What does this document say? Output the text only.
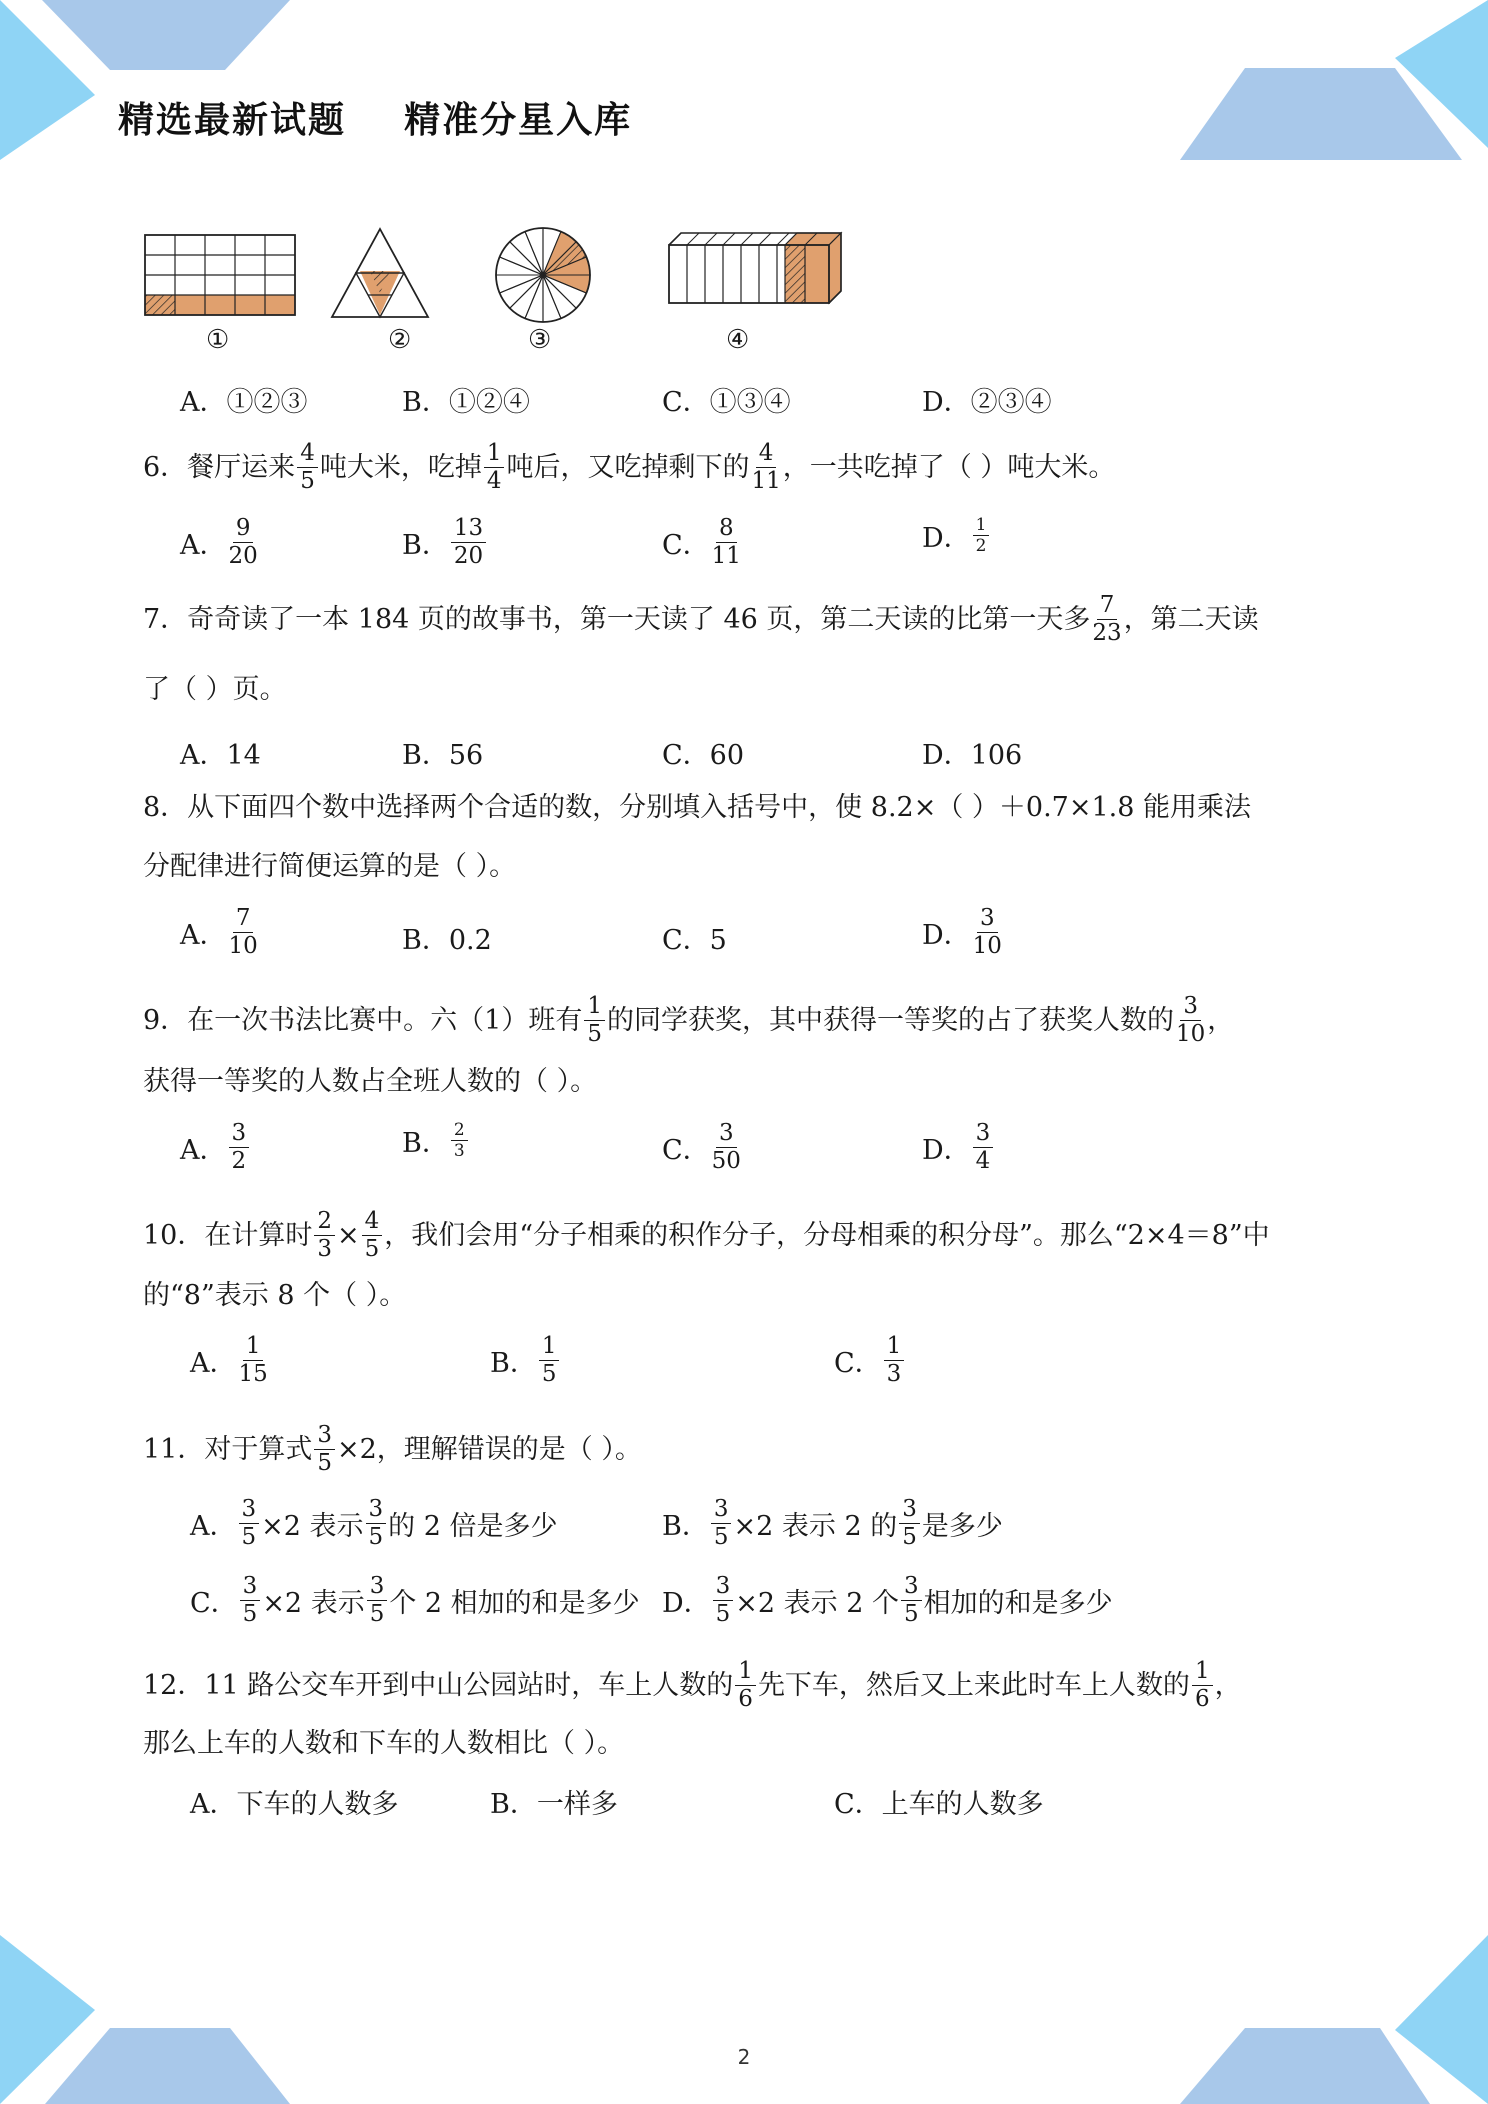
精选最新试题    精准分星入库
①	②	③	④
A．①②③	B．①②④	C．①③④	D．②③④
6．餐厅运来 $\frac{4}{5}$ 吨大米，吃掉 $\frac{1}{4}$ 吨后，又吃掉剩下的 $\frac{4}{11}$ ，一共吃掉了（ ）吨大米。
A． $\frac{9}{20}$	B． $\frac{13}{20}$	C． $\frac{8}{11}$	D． $\frac{1}{2}$
7．奇奇读了一本 184 页的故事书，第一天读了 46 页，第二天读的比第一天多 $\frac{7}{23}$ ，第二天读
了（ ）页。
A．14	B．56	C．60	D．106
8．从下面四个数中选择两个合适的数，分别填入括号中，使 8.2×（ ）＋0.7×1.8 能用乘法
分配律进行简便运算的是（ ）。
A． $\frac{7}{10}$	B．0.2	C．5	D． $\frac{3}{10}$
9．在一次书法比赛中。六（1）班有 $\frac{1}{5}$ 的同学获奖，其中获得一等奖的占了获奖人数的 $\frac{3}{10}$ ，
获得一等奖的人数占全班人数的（ ）。
A． $\frac{3}{2}$	B． $\frac{2}{3}$	C． $\frac{3}{50}$	D． $\frac{3}{4}$
10．在计算时 $\frac{2}{3} \times \frac{4}{5}$ ，我们会用“分子相乘的积作分子，分母相乘的积分母”。那么“2×4＝8”中
的“8”表示 8 个（ ）。
A． $\frac{1}{15}$	B． $\frac{1}{5}$	C． $\frac{1}{3}$
11．对于算式 $\frac{3}{5} \times 2$，理解错误的是（ ）。
A． $\frac{3}{5} \times 2$ 表示 $\frac{3}{5}$ 的 2 倍是多少	B． $\frac{3}{5} \times 2$ 表示 2 的 $\frac{3}{5}$ 是多少
C． $\frac{3}{5} \times 2$ 表示 $\frac{3}{5}$ 个 2 相加的和是多少 D． $\frac{3}{5} \times 2$ 表示 2 个 $\frac{3}{5}$ 相加的和是多少
12．11 路公交车开到中山公园站时，车上人数的 $\frac{1}{6}$ 先下车，然后又上来此时车上人数的 $\frac{1}{6}$ ，
那么上车的人数和下车的人数相比（ ）。
A．下车的人数多	B．一样多	C．上车的人数多
2
